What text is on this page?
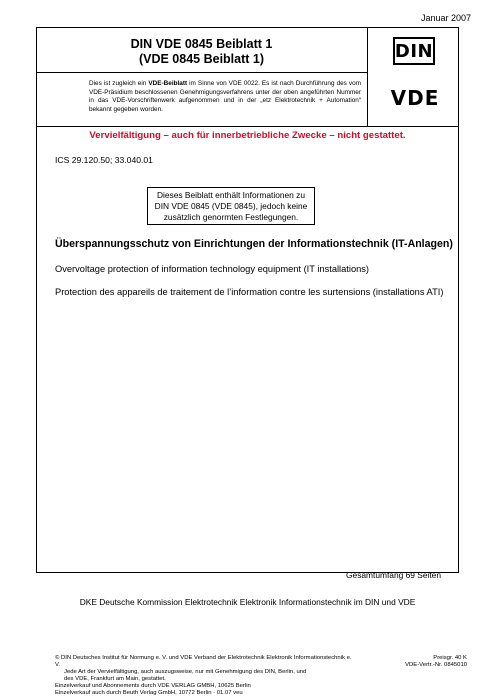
Januar 2007
DIN VDE 0845 Beiblatt 1
(VDE 0845 Beiblatt 1)
Dies ist zugleich ein VDE-Beiblatt im Sinne von VDE 0022. Es ist nach Durchführung des vom VDE-Präsidium beschlossenen Genehmigungsverfahrens unter der oben angeführten Nummer in das VDE-Vorschriftenwerk aufgenommen und in der „etz Elektrotechnik + Automation“ bekannt gegeben worden.
DIN
VDE
Vervielfältigung – auch für innerbetriebliche Zwecke – nicht gestattet.
ICS 29.120.50; 33.040.01
Dieses Beiblatt enthält Informationen zu
DIN VDE 0845 (VDE 0845), jedoch keine
zusätzlich genormten Festlegungen.
Überspannungsschutz von Einrichtungen der Informationstechnik (IT-Anlagen)
Overvoltage protection of information technology equipment (IT installations)
Protection des appareils de traitement de l’information contre les surtensions (installations ATI)
Gesamtumfang 69 Seiten
DKE Deutsche Kommission Elektrotechnik Elektronik Informationstechnik im DIN und VDE
© DIN Deutsches Institut für Normung e. V. und VDE Verband der Elektrotechnik Elektronik Informationstechnik e. V.
Jede Art der Vervielfältigung, auch auszugsweise, nur mit Genehmigung des DIN, Berlin, und
des VDE, Frankfurt am Main, gestattet.
Einzelverkauf und Abonnements durch VDE VERLAG GMBH, 10625 Berlin
Einzelverkauf auch durch Beuth Verlag GmbH, 10772 Berlin · 01.07 veu
Preisgr. 40 K
VDE-Vertr.-Nr. 0845010
